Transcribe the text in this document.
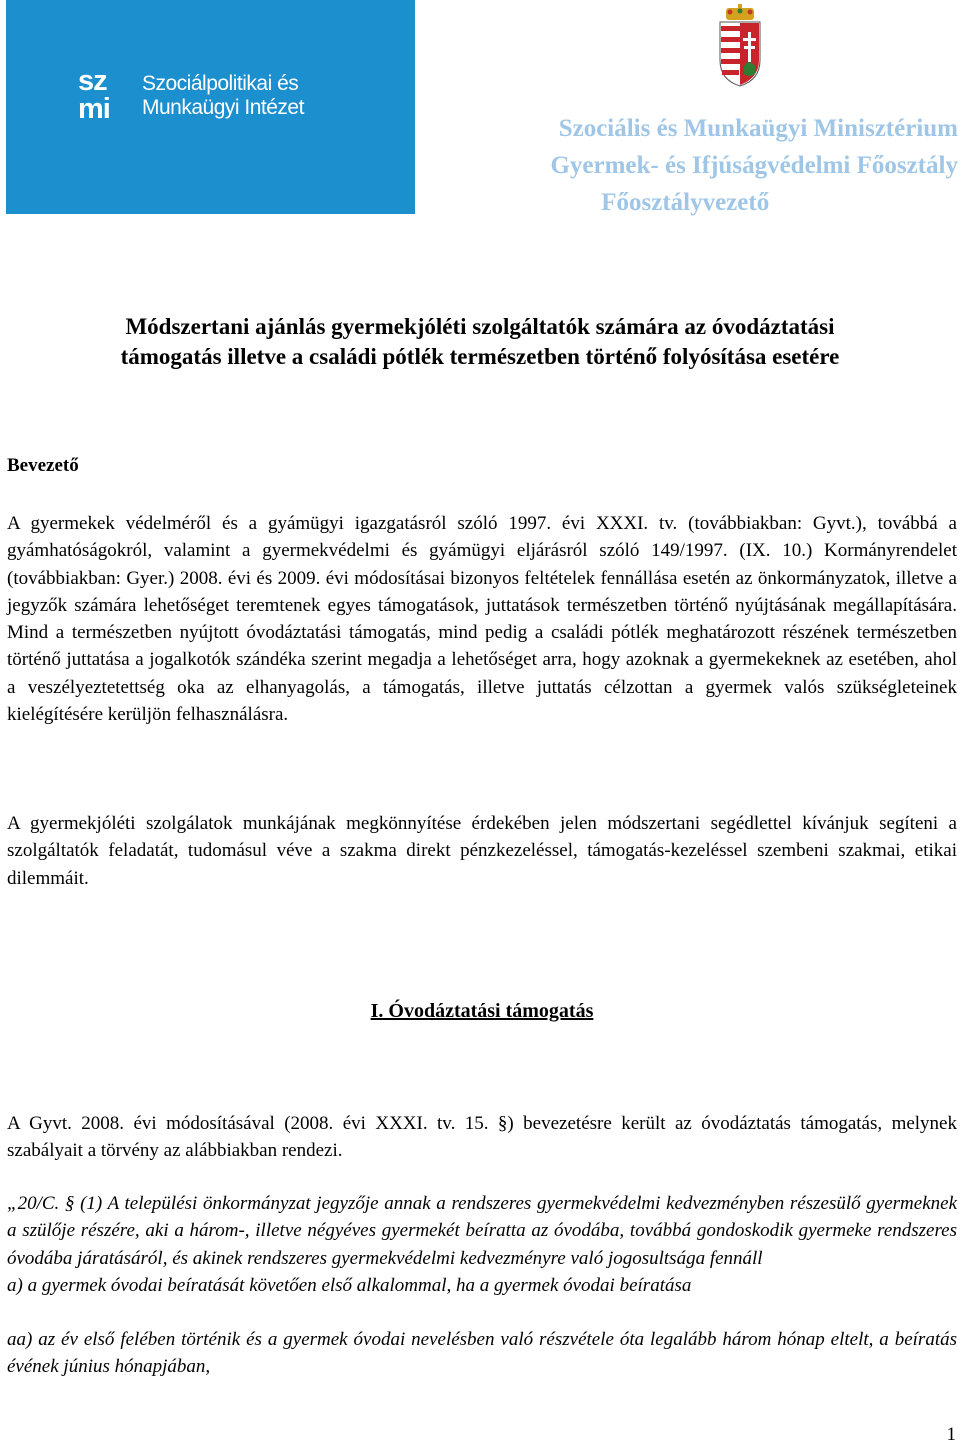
sz
mi
Szociálpolitikai és
Munkaügyi Intézet
Szociális és Munkaügyi Minisztérium
Gyermek- és Ifjúságvédelmi Főosztály
Főosztályvezető
Módszertani ajánlás gyermekjóléti szolgáltatók számára az óvodáztatási
támogatás illetve a családi pótlék természetben történő folyósítása esetére
Bevezető

A gyermekek védelméről és a gyámügyi igazgatásról szóló 1997. évi XXXI. tv. (továbbiakban: Gyvt.), továbbá a gyámhatóságokról, valamint a gyermekvédelmi és gyámügyi eljárásról szóló 149/1997. (IX. 10.) Kormányrendelet (továbbiakban: Gyer.) 2008. évi és 2009. évi módosításai bizonyos feltételek fennállása esetén az önkormányzatok, illetve a jegyzők számára lehetőséget teremtenek egyes támogatások, juttatások természetben történő nyújtásának megállapítására. Mind a természetben nyújtott óvodáztatási támogatás, mind pedig a családi pótlék meghatározott részének természetben történő juttatása a jogalkotók szándéka szerint megadja a lehetőséget arra, hogy azoknak a gyermekeknek az esetében, ahol a veszélyeztetettség oka az elhanyagolás, a támogatás, illetve juttatás célzottan a gyermek valós szükségleteinek kielégítésére kerüljön felhasználásra.

A gyermekjóléti szolgálatok munkájának megkönnyítése érdekében jelen módszertani segédlettel kívánjuk segíteni a szolgáltatók feladatát, tudomásul véve a szakma direkt pénzkezeléssel, támogatás-kezeléssel szembeni szakmai, etikai dilemmáit.

I. Óvodáztatási támogatás

A Gyvt. 2008. évi módosításával (2008. évi XXXI. tv. 15. §) bevezetésre került az óvodáztatás támogatás, melynek szabályait a törvény az alábbiakban rendezi.

„20/C. § (1) A települési önkormányzat jegyzője annak a rendszeres gyermekvédelmi kedvezményben részesülő gyermeknek a szülője részére, aki a három-, illetve négyéves gyermekét beíratta az óvodába, továbbá gondoskodik gyermeke rendszeres óvodába járatásáról, és akinek rendszeres gyermekvédelmi kedvezményre való jogosultsága fennáll

a) a gyermek óvodai beíratását követően első alkalommal, ha a gyermek óvodai beíratása

aa) az év első felében történik és a gyermek óvodai nevelésben való részvétele óta legalább három hónap eltelt, a beíratás évének június hónapjában,

1
